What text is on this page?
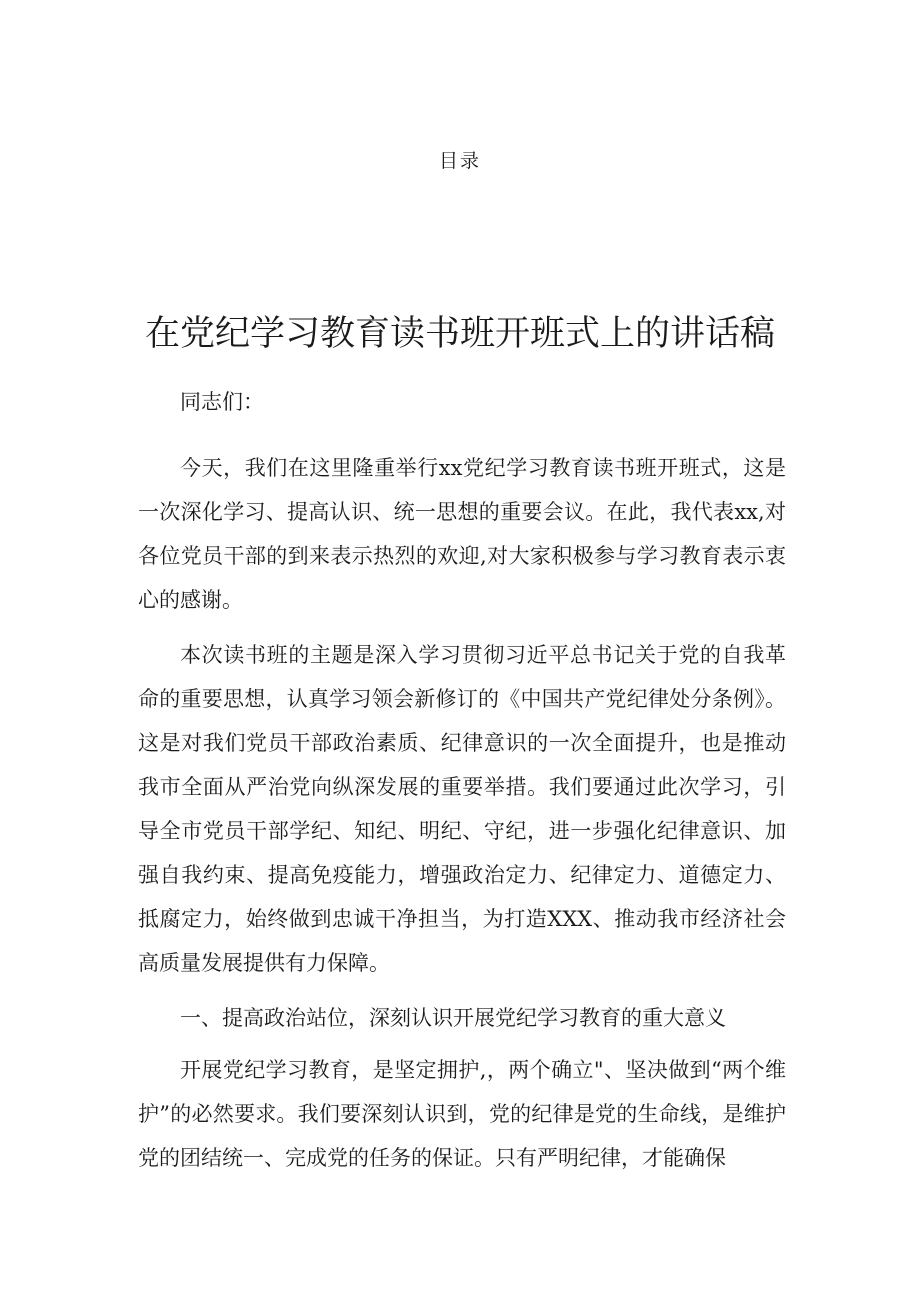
目录
在党纪学习教育读书班开班式上的讲话稿

同志们：

今天，我们在这里隆重举行xx党纪学习教育读书班开班式，这是一次深化学习、提高认识、统一思想的重要会议。在此，我代表xx,对各位党员干部的到来表示热烈的欢迎,对大家积极参与学习教育表示衷心的感谢。

本次读书班的主题是深入学习贯彻习近平总书记关于党的自我革命的重要思想，认真学习领会新修订的《中国共产党纪律处分条例》。这是对我们党员干部政治素质、纪律意识的一次全面提升，也是推动我市全面从严治党向纵深发展的重要举措。我们要通过此次学习，引导全市党员干部学纪、知纪、明纪、守纪，进一步强化纪律意识、加强自我约束、提高免疫能力，增强政治定力、纪律定力、道德定力、抵腐定力，始终做到忠诚干净担当，为打造XXX、推动我市经济社会高质量发展提供有力保障。

一、提高政治站位，深刻认识开展党纪学习教育的重大意义

开展党纪学习教育，是坚定拥护,，两个确立"、坚决做到“两个维护”的必然要求。我们要深刻认识到，党的纪律是党的生命线，是维护党的团结统一、完成党的任务的保证。只有严明纪律，才能确保
